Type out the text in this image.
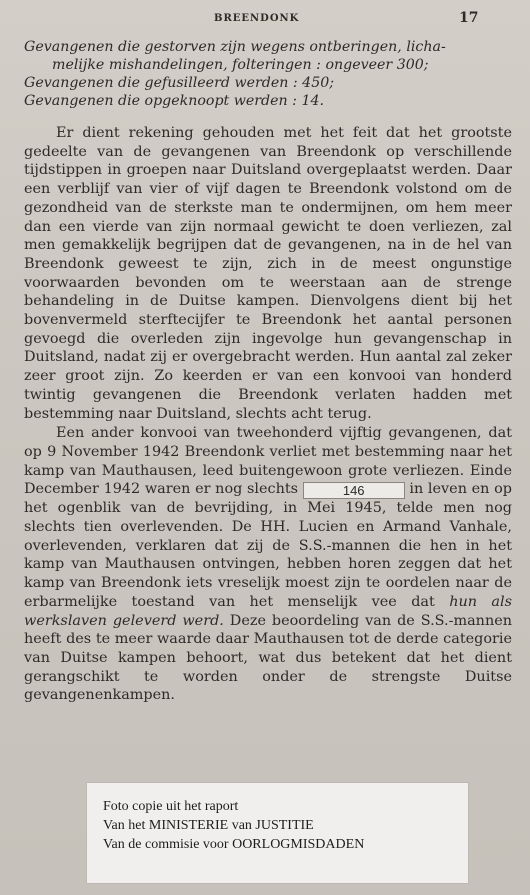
BREENDONK	17
Gevangenen die gestorven zijn wegens ontberingen, licha-
melijke mishandelingen, folteringen : ongeveer 300;
Gevangenen die gefusilleerd werden : 450;
Gevangenen die opgeknoopt werden : 14.

Er dient rekening gehouden met het feit dat het grootste gedeelte van de gevangenen van Breendonk op verschillende tijdstippen in groepen naar Duitsland overgeplaatst werden. Daar een verblijf van vier of vijf dagen te Breendonk volstond om de gezondheid van de sterkste man te ondermijnen, om hem meer dan een vierde van zijn normaal gewicht te doen verliezen, zal men gemakkelijk begrijpen dat de gevangenen, na in de hel van Breendonk geweest te zijn, zich in de meest ongunstige voorwaarden bevonden om te weerstaan aan de strenge behandeling in de Duitse kampen. Dienvolgens dient bij het bovenvermeld sterftecijfer te Breendonk het aantal personen gevoegd die overleden zijn ingevolge hun gevangenschap in Duitsland, nadat zij er overgebracht werden. Hun aantal zal zeker zeer groot zijn. Zo keerden er van een konvooi van honderd twintig gevangenen die Breendonk verlaten hadden met bestemming naar Duitsland, slechts acht terug.

Een ander konvooi van tweehonderd vijftig gevangenen, dat op 9 November 1942 Breendonk verliet met bestemming naar het kamp van Mauthausen, leed buitengewoon grote verliezen. Einde December 1942 waren er nog slechts	146	in leven en op het ogenblik van de bevrijding, in Mei 1945, telde men nog slechts tien overlevenden. De HH. Lucien en Armand Vanhale, overlevenden, verklaren dat zij de S.S.-mannen die hen in het kamp van Mauthausen ontvingen, hebben horen zeggen dat het kamp van Breendonk iets vreselijk moest zijn te oordelen naar de erbarmelijke toestand van het menselijk vee dat hun als werkslaven geleverd werd. Deze beoordeling van de S.S.-mannen heeft des te meer waarde daar Mauthausen tot de derde categorie van Duitse kampen behoort, wat dus betekent dat het dient gerangschikt te worden onder de strengste Duitse gevangenenkampen.

Foto copie uit het raport
Van het MINISTERIE van JUSTITIE
Van de commisie voor OORLOGMISDADEN
